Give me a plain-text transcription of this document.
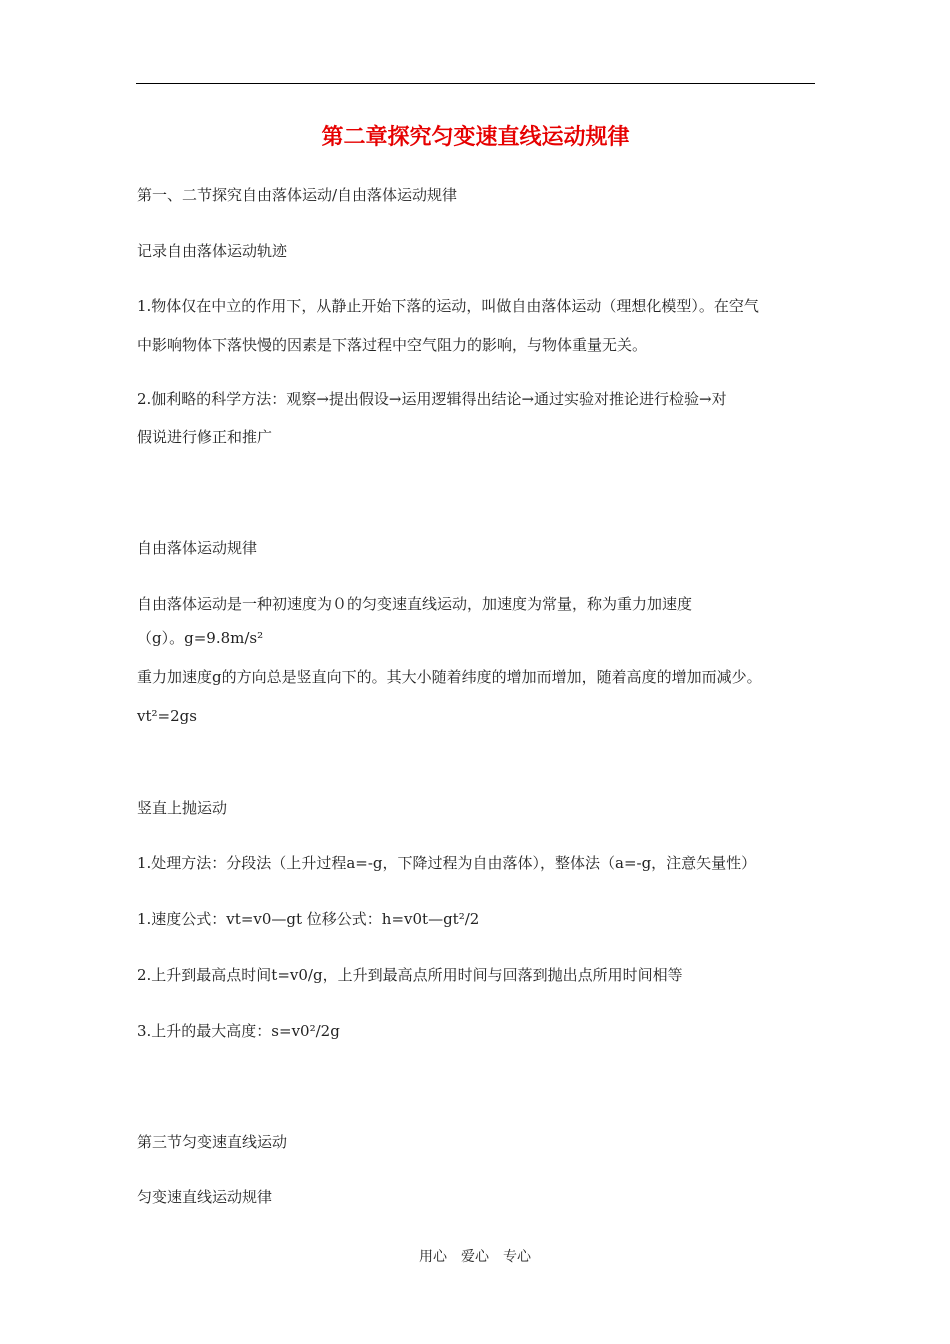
第二章探究匀变速直线运动规律
第一、二节探究自由落体运动/自由落体运动规律
记录自由落体运动轨迹
1.物体仅在中立的作用下，从静止开始下落的运动，叫做自由落体运动（理想化模型）。在空气
中影响物体下落快慢的因素是下落过程中空气阻力的影响，与物体重量无关。
2.伽利略的科学方法：观察→提出假设→运用逻辑得出结论→通过实验对推论进行检验→对
假说进行修正和推广
自由落体运动规律
自由落体运动是一种初速度为０的匀变速直线运动，加速度为常量，称为重力加速度
（g）。g=9.8m/s²
重力加速度g的方向总是竖直向下的。其大小随着纬度的增加而增加，随着高度的增加而减少。
vt²=2gs
竖直上抛运动
1.处理方法：分段法（上升过程a=-g，下降过程为自由落体），整体法（a=-g，注意矢量性）
1.速度公式：vt=v0—gt 位移公式：h=v0t—gt²/2
2.上升到最高点时间t=v0/g，上升到最高点所用时间与回落到抛出点所用时间相等
3.上升的最大高度：s=v0²/2g
第三节匀变速直线运动
匀变速直线运动规律
用心　爱心　专心
